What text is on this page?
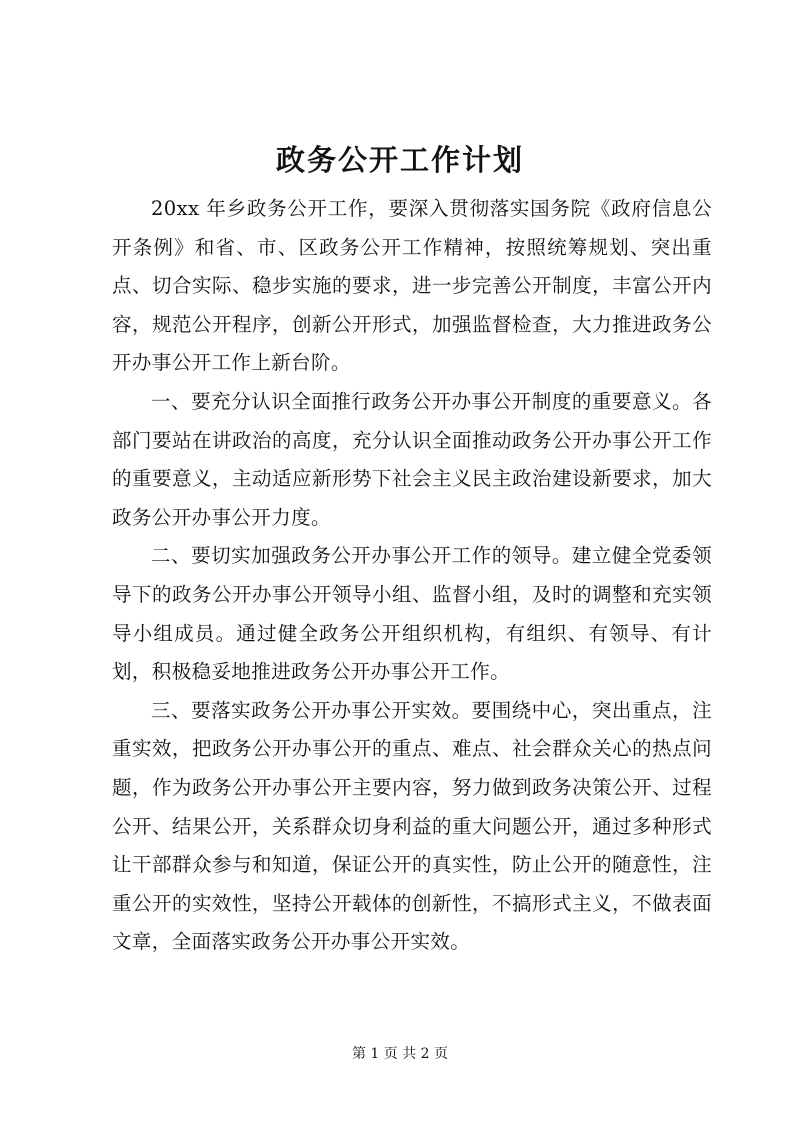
政务公开工作计划

20xx 年乡政务公开工作，要深入贯彻落实国务院《政府信息公开条例》和省、市、区政务公开工作精神，按照统筹规划、突出重点、切合实际、稳步实施的要求，进一步完善公开制度，丰富公开内容，规范公开程序，创新公开形式，加强监督检查，大力推进政务公开办事公开工作上新台阶。

一、要充分认识全面推行政务公开办事公开制度的重要意义。各部门要站在讲政治的高度，充分认识全面推动政务公开办事公开工作的重要意义，主动适应新形势下社会主义民主政治建设新要求，加大政务公开办事公开力度。

二、要切实加强政务公开办事公开工作的领导。建立健全党委领导下的政务公开办事公开领导小组、监督小组，及时的调整和充实领导小组成员。通过健全政务公开组织机构，有组织、有领导、有计划，积极稳妥地推进政务公开办事公开工作。

三、要落实政务公开办事公开实效。要围绕中心，突出重点，注重实效，把政务公开办事公开的重点、难点、社会群众关心的热点问题，作为政务公开办事公开主要内容，努力做到政务决策公开、过程公开、结果公开，关系群众切身利益的重大问题公开，通过多种形式让干部群众参与和知道，保证公开的真实性，防止公开的随意性，注重公开的实效性，坚持公开载体的创新性，不搞形式主义，不做表面文章，全面落实政务公开办事公开实效。

第 1 页 共 2 页
